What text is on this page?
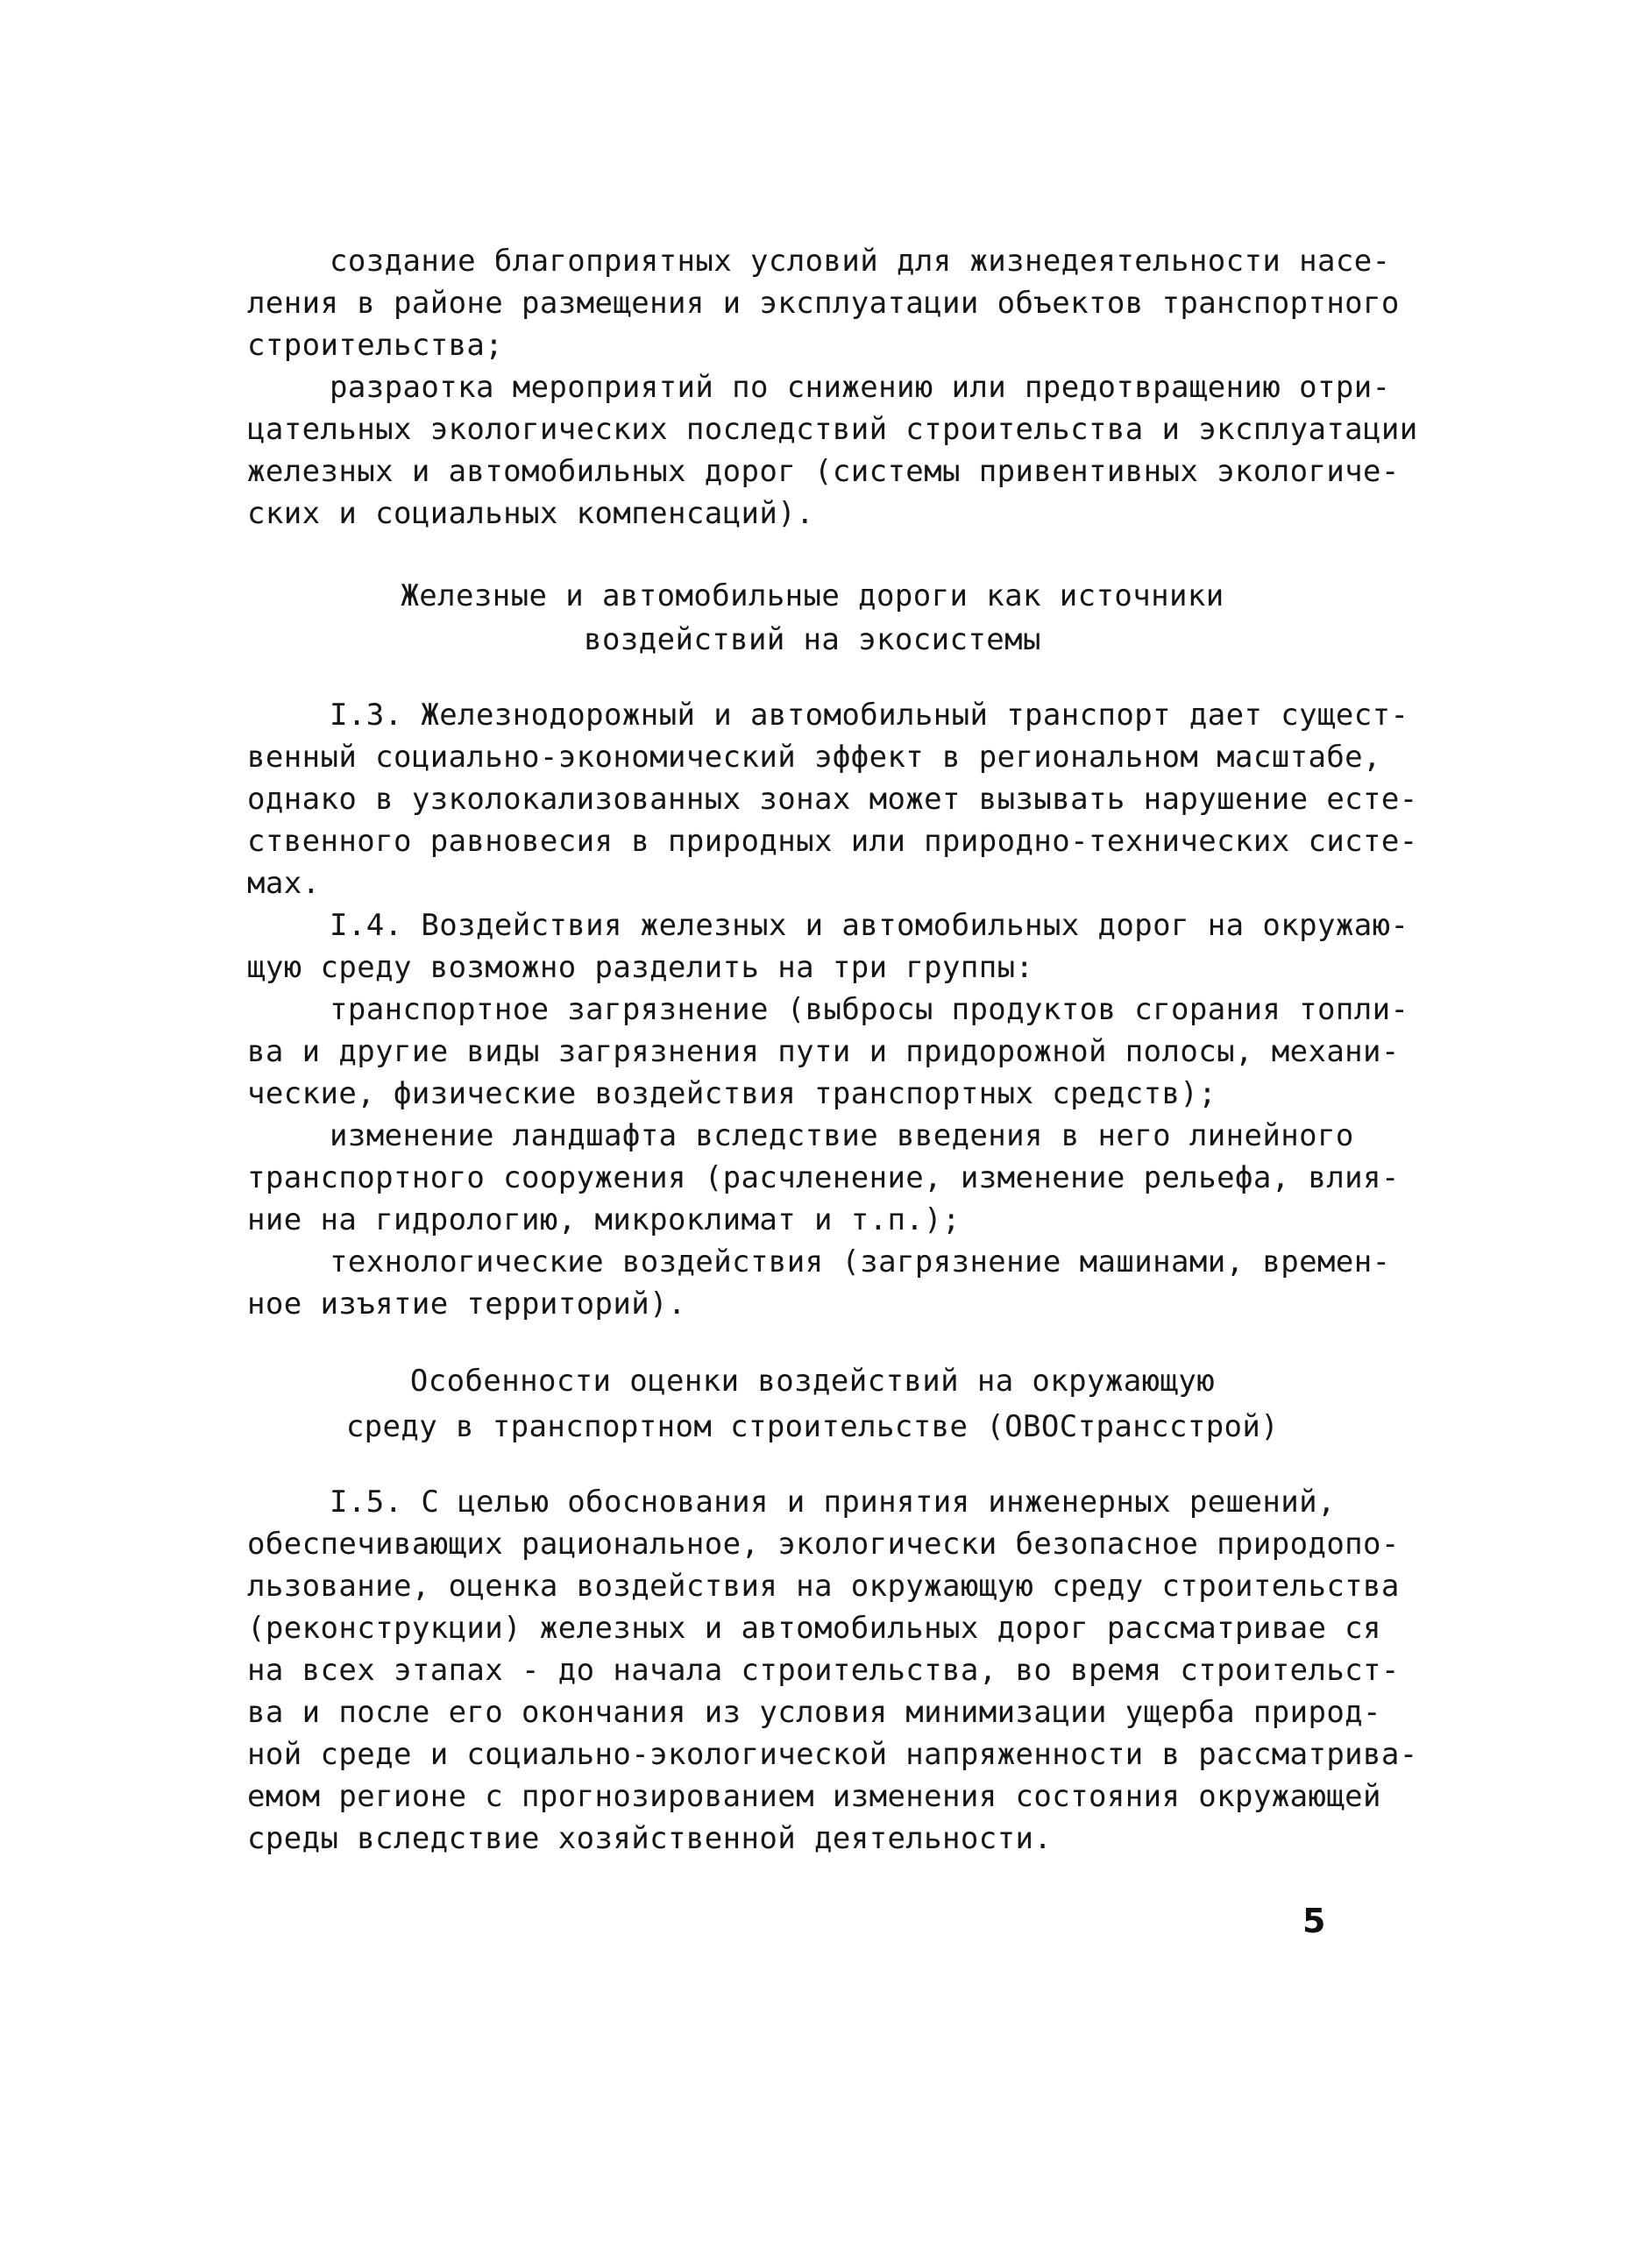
создание благоприятных условий для жизнедеятельности насе-
ления в районе размещения и эксплуатации объектов транспортного
строительства;
разраотка мероприятий по снижению или предотвращению отри-
цательных экологических последствий строительства и эксплуатации
железных и автомобильных дорог (системы привентивных экологиче-
ских и социальных компенсаций).
Железные и автомобильные дороги как источники
воздействий на экосистемы
I.3. Железнодорожный и автомобильный транспорт дает сущест-
венный социально-экономический эффект в региональном масштабе,
однако в узколокализованных зонах может вызывать нарушение есте-
ственного равновесия в природных или природно-технических систе-
мах.
I.4. Воздействия железных и автомобильных дорог на окружаю-
щую среду возможно разделить на три группы:
транспортное загрязнение (выбросы продуктов сгорания топли-
ва и другие виды загрязнения пути и придорожной полосы, механи-
ческие, физические воздействия транспортных средств);
изменение ландшафта вследствие введения в него линейного
транспортного сооружения (расчленение, изменение рельефа, влия-
ние на гидрологию, микроклимат и т.п.);
технологические воздействия (загрязнение машинами, времен-
ное изъятие территорий).
Особенности оценки воздействий на окружающую
среду в транспортном строительстве (ОВОСтрансстрой)
I.5. С целью обоснования и принятия инженерных решений,
обеспечивающих рациональное, экологически безопасное природопо-
льзование, оценка воздействия на окружающую среду строительства
(реконструкции) железных и автомобильных дорог рассматривае ся
на всех этапах - до начала строительства, во время строительст-
ва и после его окончания из условия минимизации ущерба природ-
ной среде и социально-экологической напряженности в рассматрива-
емом регионе с прогнозированием изменения состояния окружающей
среды вследствие хозяйственной деятельности.
5
